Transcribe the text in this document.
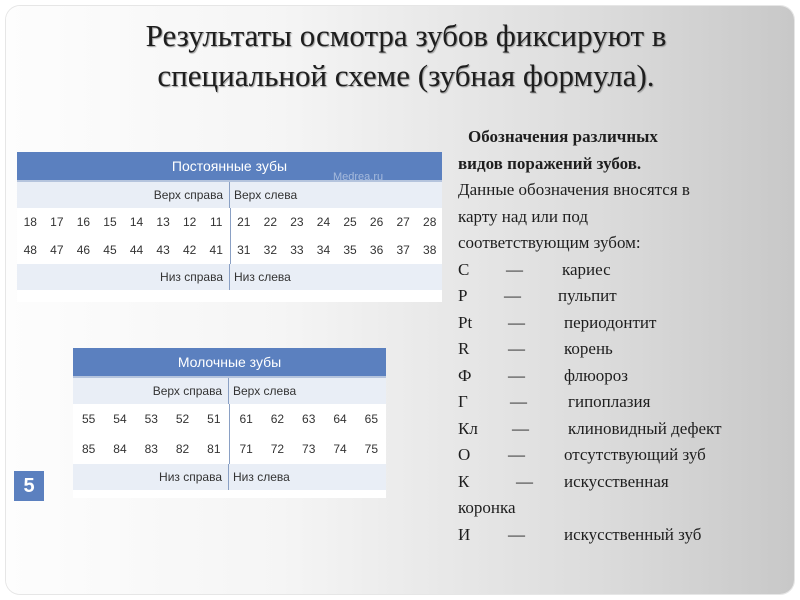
Результаты осмотра зубов фиксируют в
специальной схеме (зубная формула).
Постоянные зубы
Верх справа Верх слева
18	17	16	15	14	13	12	11	21	22	23	24	25	26	27	28
48	47	46	45	44	43	42	41	31	32	33	34	35	36	37	38
Низ справа Низ слева
Medrea.ru
Молочные зубы
Верх справа Верх слева
55	54	53	52	51	61	62	63	64	65
85	84	83	82	81	71	72	73	74	75
Низ справа Низ слева
5
Обозначения различных
видов поражений зубов.
Данные обозначения вносятся в
карту над или под
соответствующим зубом:
С — кариес
Р — пульпит
Pt — периодонтит
R — корень
Ф — флюороз
Г — гипоплазия
Кл — клиновидный дефект
О — отсутствующий зуб
К	— искусственная
коронка
И — искусственный зуб
